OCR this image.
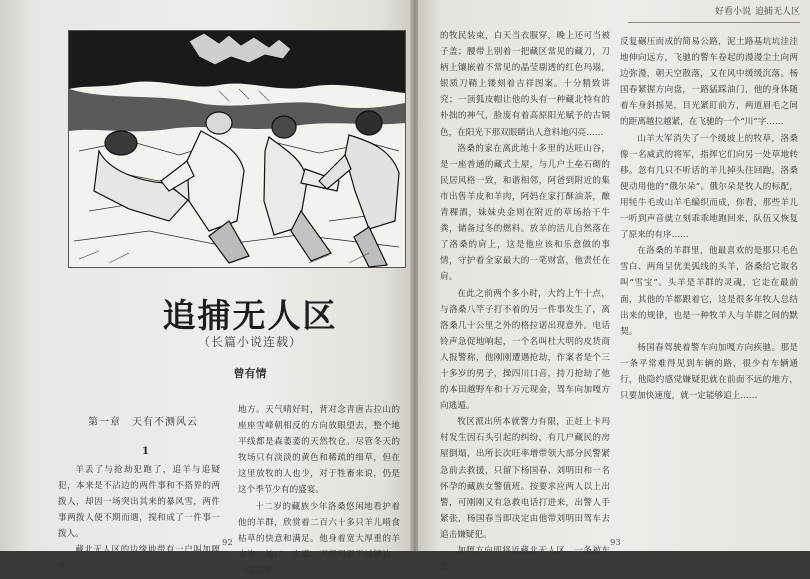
追捕无人区
（长篇小说连载）
曾有情
第一章　天有不测风云
1

羊丢了与抢劫犯跑了，追羊与追疑犯，本来是不沾边的两件事和不搭界的两拨人，却因一场突出其来的暴风雪，两件事两拨人便不期而遇，搅和成了一件事一拨人。

藏北无人区的边缘地带有一户叫加嘎的

地方。天气晴好时，背对念青唐古拉山的座座雪峰朝相反的方向放眼望去，整个地平线都是森萎萎的天然牧仓。尽管冬天的牧场只有淡淡的黄色和稀疏的细草，但在这里放牧的人也少，对于牲畜来说，仍是这个季节少有的盛宴。

十二岁的藏族少年洛桑悠闲地看护着他的羊群，欣赏着二百六十多只羊儿啃食枯草的快意和满足。他身着宽大厚重的羊皮袍，袖口、衣襟、下摆用黑平绒镶边，一副典型

92
好看小说 追捕无人区

的牧民装束，白天当衣服穿，晚上还可当被子盖；腰带上别着一把藏区常见的藏刀，刀柄上镶嵌着不常见的晶莹剔透的红色玛瑙，银质刀鞘上镂刻着吉祥图案。十分精致讲究；一顶狐皮帽让他的头有一种藏北特有的朴拙的神气，脸庞有着高原阳光赋予的古铜色，在阳光下那双眼睛出人意料地闪亮……

洛桑的家在离此地十多里的达旺山谷，是一座普通的藏式土屋，与儿户土垒石砌的民居风格一致，和谐相邻，阿爸到附近的集市出售羊皮和羊肉，阿妈在家打酥油茶，酿青稞酒，妹妹央金则在附近的草场拾干牛粪，储备过冬的燃料。放羊的活儿自然落在了洛桑的肩上，这是他应该和乐意做的事情，守护着全家最大的一笔财富，他责任在肩。

在此之前两个多小时，大约上午十点，与洛桑八竿子打不着的另一件事发生了，离洛桑几十公里之外的格拉诺出现意外。电话铃声急促地响起，一个名叫杜大明的皮货商人报警称，他刚刚遭遇抢劫，作案者是个三十多岁的男子，操四川口音，持刀抢劫了他的本田越野车和十万元现金，驾车向加嘎方向逃遁。

牧区派出所本就警力有限，正赶上卡玛村发生因石头引起的纠纷，有几户藏民的房屋倒塌，出所长次旺率增带领大部分民警紧急前去救援，只留下杨国春、刘明田和一名怀孕的藏族女警值班。按要求应两人以上出警，可刚刚又有急救电话打进来，出警人手紧张，杨国春当即决定由他带刘明田驾车去追击嫌疑犯。

加嘎方向即将近藏北无人区，一条被车轮

反复碾压而成的简易公路，泥土路基坑坑洼洼地伸向远方，飞驰的警车卷起的漫漫尘土向两边弥漫，朝天空散落，又在风中缓缓沉落。杨国春紧握方向盘，一路猛踩油门，他的身体随着车身斜摇晃，目光紧盯前方，两道眉毛之间的距离越拉越紧，在飞驰的一个“川”字……

山羊大军消失了一个缓坡上的牧草，洛桑像一名威武的将军，指挥它们向另一处草地转移。忽有几只不听话的羊儿掉头往回跑，洛桑便动用他的“俄尔朵”。俄尔朵是牧人的标配，用牦牛毛或山羊毛编织而成，你看，那些羊儿一听到声音就立刻乖乖地跑回来，队伍又恢复了原来的有序……

在洛桑的羊群里，他最喜欢的是那只毛色雪白、两角呈优美弧线的头羊，洛桑给它取名叫“雪宝”。头羊是羊群的灵魂，它走在最前面，其他的羊都跟着它，这是很多年牧人总结出来的规律，也是一种牧羊人与羊群之间的默契。

杨国春驾驶着警车向加嘎方向疾驰。那是一条平常难得见到车辆的路，很少有车辆通行，他隐约感觉嫌疑犯就在前面不远的地方，只要加快速度，就一定能够追上……

93
